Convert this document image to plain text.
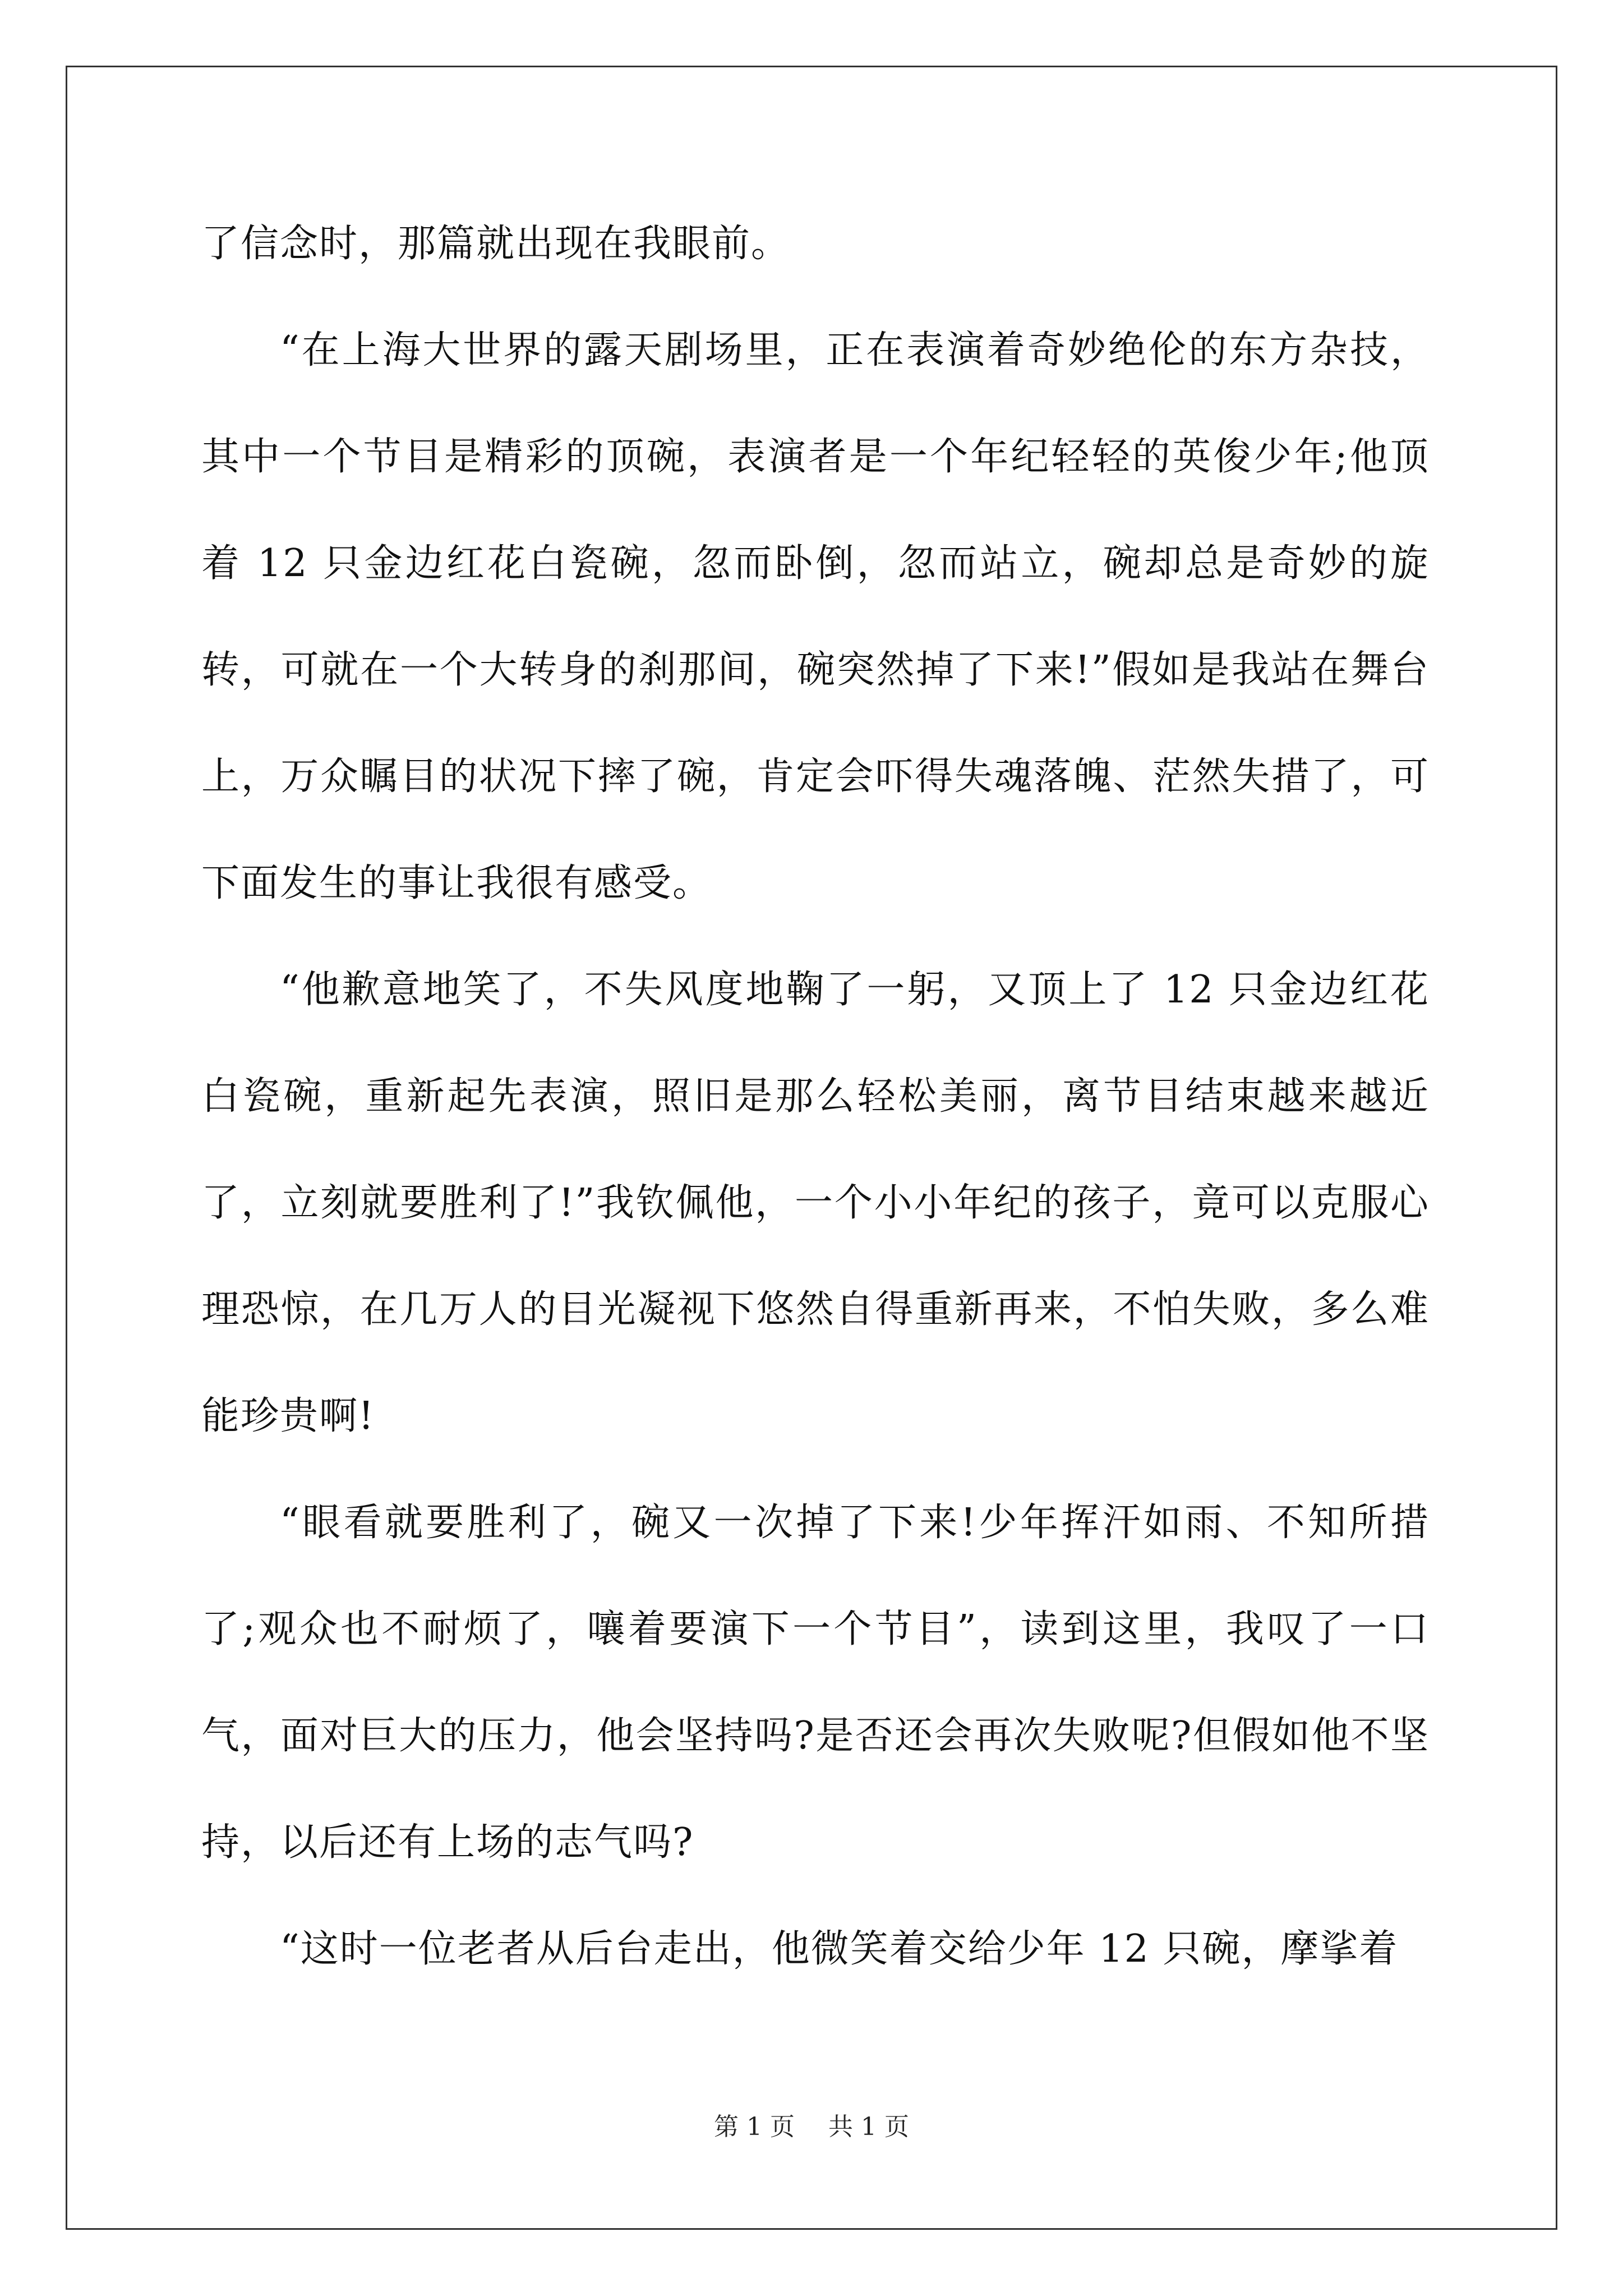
了信念时，那篇就出现在我眼前。

“在上海大世界的露天剧场里，正在表演着奇妙绝伦的东方杂技，其中一个节目是精彩的顶碗，表演者是一个年纪轻轻的英俊少年;他顶着 12 只金边红花白瓷碗，忽而卧倒，忽而站立，碗却总是奇妙的旋转，可就在一个大转身的刹那间，碗突然掉了下来!”假如是我站在舞台上，万众瞩目的状况下摔了碗，肯定会吓得失魂落魄、茫然失措了，可下面发生的事让我很有感受。

“他歉意地笑了，不失风度地鞠了一躬，又顶上了 12 只金边红花白瓷碗，重新起先表演，照旧是那么轻松美丽，离节目结束越来越近了，立刻就要胜利了!”我钦佩他，一个小小年纪的孩子，竟可以克服心理恐惊，在几万人的目光凝视下悠然自得重新再来，不怕失败，多么难能珍贵啊!

“眼看就要胜利了，碗又一次掉了下来!少年挥汗如雨、不知所措了;观众也不耐烦了，嚷着要演下一个节目”，读到这里，我叹了一口气，面对巨大的压力，他会坚持吗?是否还会再次失败呢?但假如他不坚持，以后还有上场的志气吗?

“这时一位老者从后台走出，他微笑着交给少年 12 只碗，摩挲着

第 1 页 共 1 页
